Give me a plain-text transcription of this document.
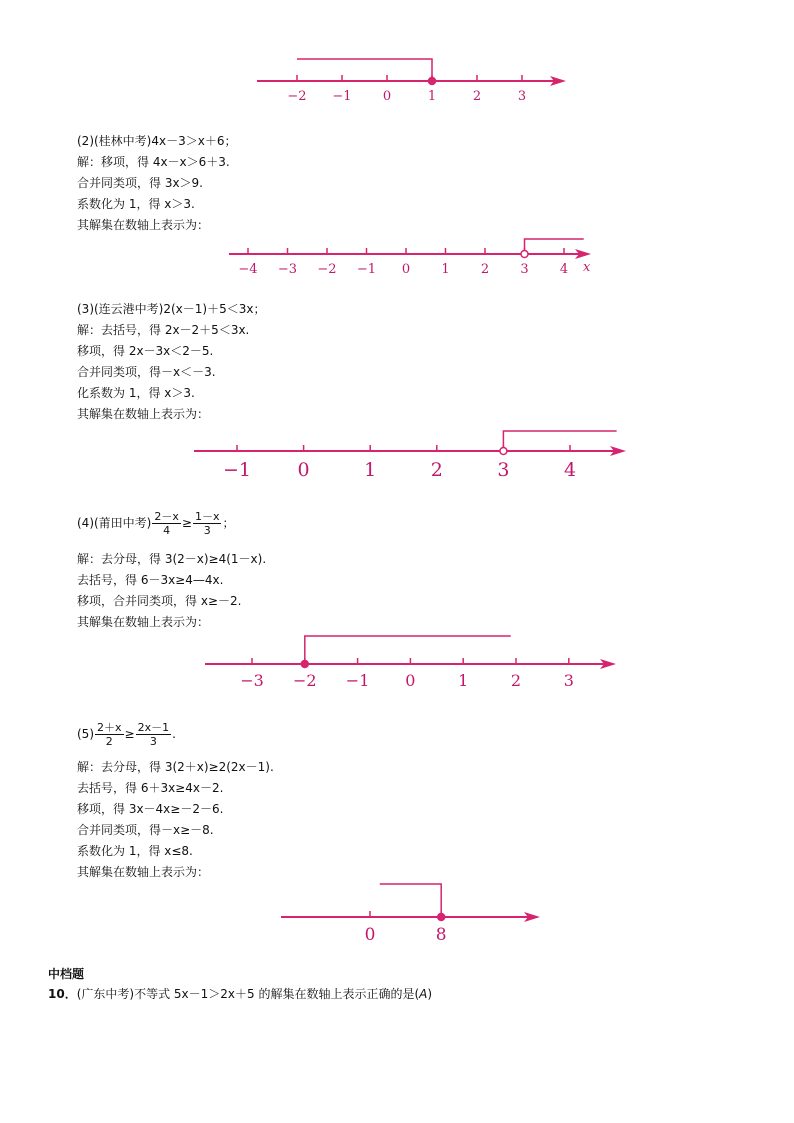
−2 −1 0	1	2	3
(2)(桂林中考)4x－3＞x＋6；
解：移项，得 4x－x＞6＋3.
合并同类项，得 3x＞9.
系数化为 1，得 x＞3.
其解集在数轴上表示为：
−4 −3 −2 −1 0 1 2 3 4 x
(3)(连云港中考)2(x－1)＋5＜3x；
解：去括号，得 2x－2＋5＜3x.
移项，得 2x－3x＜2－5.
合并同类项，得－x＜－3.
化系数为 1，得 x＞3.
其解集在数轴上表示为：
−1 0	1	2	3	4
(4)(莆田中考) $\frac{2-x}{4} \ge \frac{1-x}{3}$ ；
解：去分母，得 3(2－x)≥4(1－x).
去括号，得 6－3x≥4—4x.
移项，合并同类项，得 x≥－2.
其解集在数轴上表示为：
−3 −2 −1 0	1	2	3
$(5) \frac{2+x}{2} \ge \frac{2x-1}{3}$ .
解：去分母，得 3(2＋x)≥2(2x－1).
去括号，得 6＋3x≥4x－2.
移项，得 3x－4x≥－2－6.
合并同类项，得－x≥－8.
系数化为 1，得 x≤8.
其解集在数轴上表示为：
0	8
中档题
10．(广东中考)不等式 5x－1＞2x＋5 的解集在数轴上表示正确的是(A)
